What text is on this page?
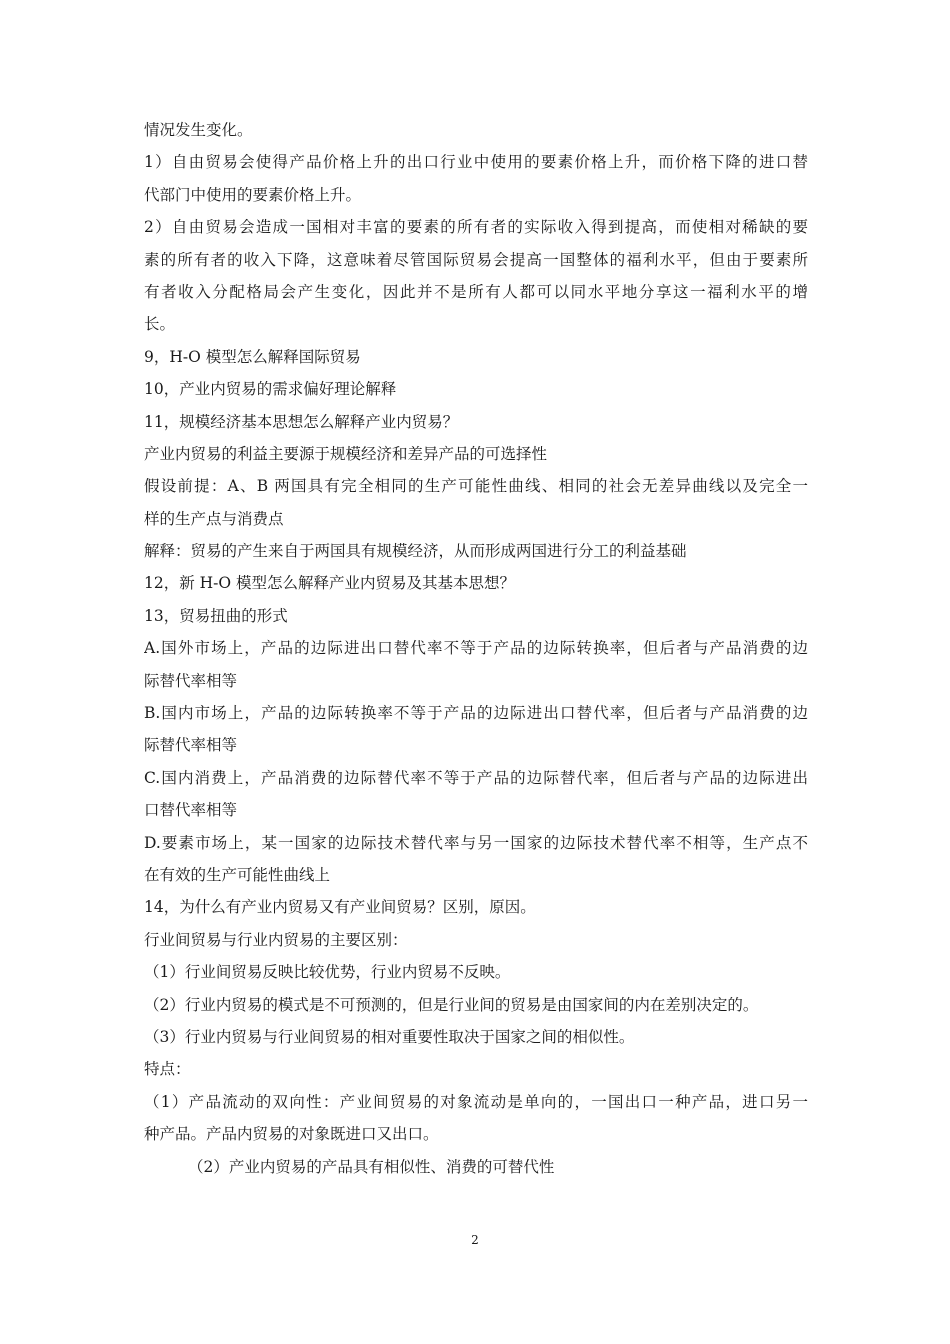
情况发生变化。
1）自由贸易会使得产品价格上升的出口行业中使用的要素价格上升，而价格下降的进口替
代部门中使用的要素价格上升。
2）自由贸易会造成一国相对丰富的要素的所有者的实际收入得到提高，而使相对稀缺的要
素的所有者的收入下降，这意味着尽管国际贸易会提高一国整体的福利水平，但由于要素所
有者收入分配格局会产生变化，因此并不是所有人都可以同水平地分享这一福利水平的增
长。
9，H-O 模型怎么解释国际贸易
10，产业内贸易的需求偏好理论解释
11，规模经济基本思想怎么解释产业内贸易？
产业内贸易的利益主要源于规模经济和差异产品的可选择性
假设前提：A、B 两国具有完全相同的生产可能性曲线、相同的社会无差异曲线以及完全一
样的生产点与消费点
解释：贸易的产生来自于两国具有规模经济，从而形成两国进行分工的利益基础
12，新 H-O 模型怎么解释产业内贸易及其基本思想？
13，贸易扭曲的形式
A.国外市场上，产品的边际进出口替代率不等于产品的边际转换率，但后者与产品消费的边
际替代率相等
B.国内市场上，产品的边际转换率不等于产品的边际进出口替代率，但后者与产品消费的边
际替代率相等
C.国内消费上，产品消费的边际替代率不等于产品的边际替代率，但后者与产品的边际进出
口替代率相等
D.要素市场上，某一国家的边际技术替代率与另一国家的边际技术替代率不相等，生产点不
在有效的生产可能性曲线上
14，为什么有产业内贸易又有产业间贸易？区别，原因。
行业间贸易与行业内贸易的主要区别：
（1）行业间贸易反映比较优势，行业内贸易不反映。
（2）行业内贸易的模式是不可预测的，但是行业间的贸易是由国家间的内在差别决定的。
（3）行业内贸易与行业间贸易的相对重要性取决于国家之间的相似性。
特点：
（1）产品流动的双向性：产业间贸易的对象流动是单向的，一国出口一种产品，进口另一
种产品。产品内贸易的对象既进口又出口。
（2）产业内贸易的产品具有相似性、消费的可替代性
2
